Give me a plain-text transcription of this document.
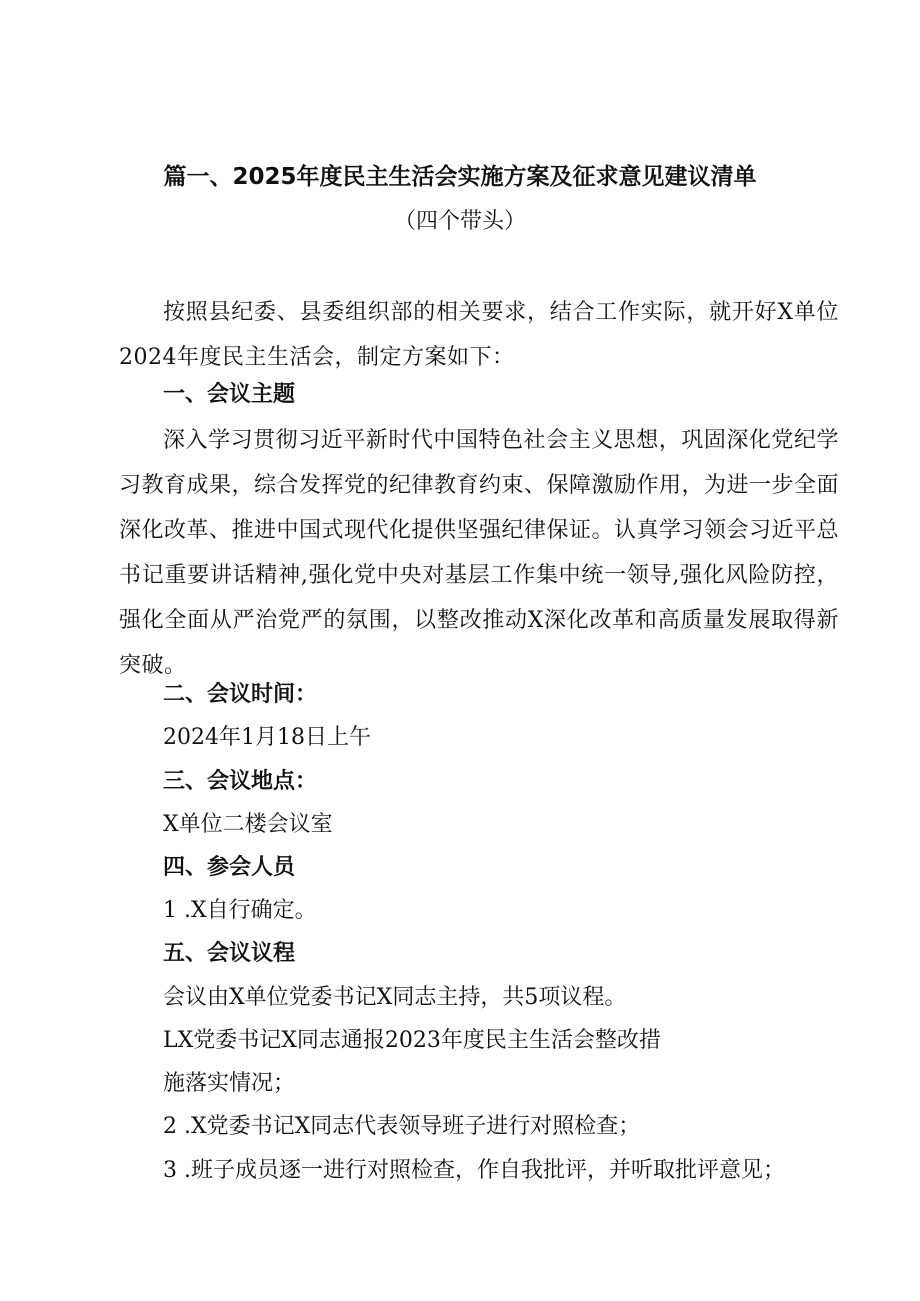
篇一、2025年度民主生活会实施方案及征求意见建议清单
（四个带头）
按照县纪委、县委组织部的相关要求，结合工作实际，就开好X单位2024年度民主生活会，制定方案如下：
一、会议主题
深入学习贯彻习近平新时代中国特色社会主义思想，巩固深化党纪学习教育成果，综合发挥党的纪律教育约束、保障激励作用，为进一步全面深化改革、推进中国式现代化提供坚强纪律保证。认真学习领会习近平总书记重要讲话精神,强化党中央对基层工作集中统一领导,强化风险防控，强化全面从严治党严的氛围，以整改推动X深化改革和高质量发展取得新突破。
二、会议时间：
2024年1月18日上午
三、会议地点：
X单位二楼会议室
四、参会人员
1 .X自行确定。
五、会议议程
会议由X单位党委书记X同志主持，共5项议程。
LX党委书记X同志通报2023年度民主生活会整改措
施落实情况；
2 .X党委书记X同志代表领导班子进行对照检查；
3 .班子成员逐一进行对照检查，作自我批评，并听取批评意见；
